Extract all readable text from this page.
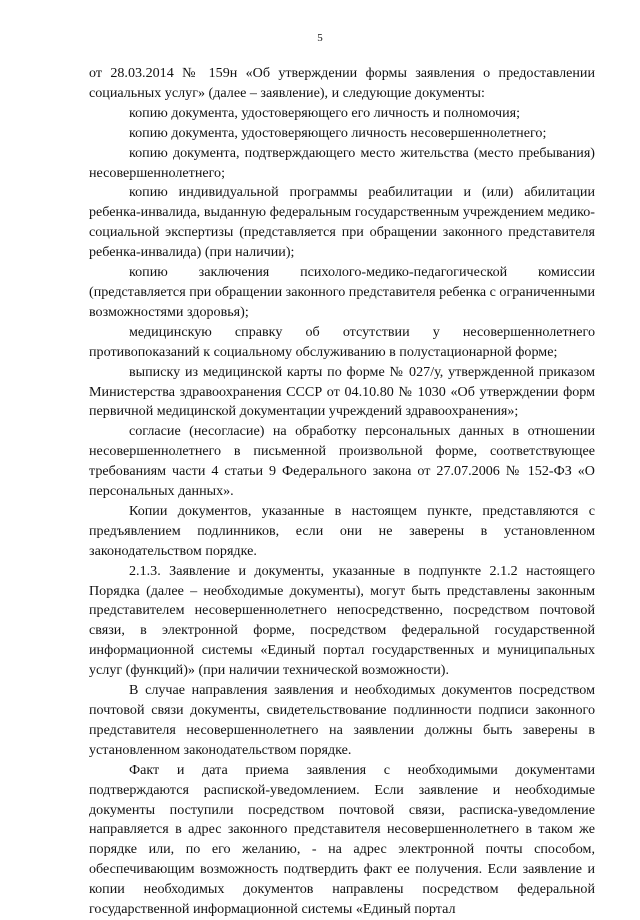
5

от 28.03.2014 № 159н «Об утверждении формы заявления о предоставлении социальных услуг» (далее – заявление), и следующие документы:

копию документа, удостоверяющего его личность и полномочия;

копию документа, удостоверяющего личность несовершеннолетнего;

копию документа, подтверждающего место жительства (место пребывания) несовершеннолетнего;

копию индивидуальной программы реабилитации и (или) абилитации ребенка-инвалида, выданную федеральным государственным учреждением медико-социальной экспертизы (представляется при обращении законного представителя ребенка-инвалида) (при наличии);

копию заключения психолого-медико-педагогической комиссии (представляется при обращении законного представителя ребенка с ограниченными возможностями здоровья);

медицинскую справку об отсутствии у несовершеннолетнего противопоказаний к социальному обслуживанию в полустационарной форме;

выписку из медицинской карты по форме № 027/у, утвержденной приказом Министерства здравоохранения СССР от 04.10.80 № 1030 «Об утверждении форм первичной медицинской документации учреждений здравоохранения»;

согласие (несогласие) на обработку персональных данных в отношении несовершеннолетнего в письменной произвольной форме, соответствующее требованиям части 4 статьи 9 Федерального закона от 27.07.2006 № 152-ФЗ «О персональных данных».

Копии документов, указанные в настоящем пункте, представляются с предъявлением подлинников, если они не заверены в установленном законодательством порядке.

2.1.3. Заявление и документы, указанные в подпункте 2.1.2 настоящего Порядка (далее – необходимые документы), могут быть представлены законным представителем несовершеннолетнего непосредственно, посредством почтовой связи, в электронной форме, посредством федеральной государственной информационной системы «Единый портал государственных и муниципальных услуг (функций)» (при наличии технической возможности).

В случае направления заявления и необходимых документов посредством почтовой связи документы, свидетельствование подлинности подписи законного представителя несовершеннолетнего на заявлении должны быть заверены в установленном законодательством порядке.

Факт и дата приема заявления с необходимыми документами подтверждаются распиской-уведомлением. Если заявление и необходимые документы поступили посредством почтовой связи, расписка-уведомление направляется в адрес законного представителя несовершеннолетнего в таком же порядке или, по его желанию, - на адрес электронной почты способом, обеспечивающим возможность подтвердить факт ее получения. Если заявление и копии необходимых документов направлены посредством федеральной государственной информационной системы «Единый портал
